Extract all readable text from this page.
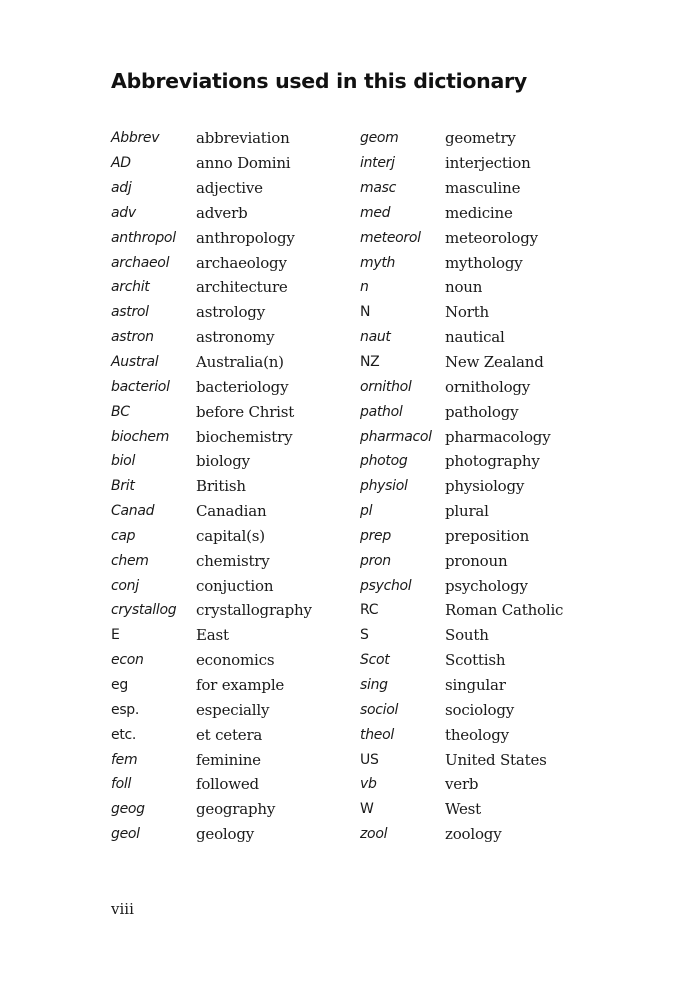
Abbreviations used in this dictionary
Abbrev	abbreviation
AD	anno Domini
adj	adjective
adv	adverb
anthropol	anthropology
archaeol	archaeology
archit	architecture
astrol	astrology
astron	astronomy
Austral	Australia(n)
bacteriol	bacteriology
BC	before Christ
biochem	biochemistry
biol	biology
Brit	British
Canad	Canadian
cap	capital(s)
chem	chemistry
conj	conjuction
crystallog	crystallography
E	East
econ	economics
eg	for example
esp.	especially
etc.	et cetera
fem	feminine
foll	followed
geog	geography
geol	geology
geom	geometry
interj	interjection
masc	masculine
med	medicine
meteorol	meteorology
myth	mythology
n	noun
N	North
naut	nautical
NZ	New Zealand
ornithol	ornithology
pathol	pathology
pharmacol pharmacology
photog	photography
physiol	physiology
pl	plural
prep	preposition
pron	pronoun
psychol	psychology
RC	Roman Catholic
S	South
Scot	Scottish
sing	singular
sociol	sociology
theol	theology
US	United States
vb	verb
W	West
zool	zoology
viii
